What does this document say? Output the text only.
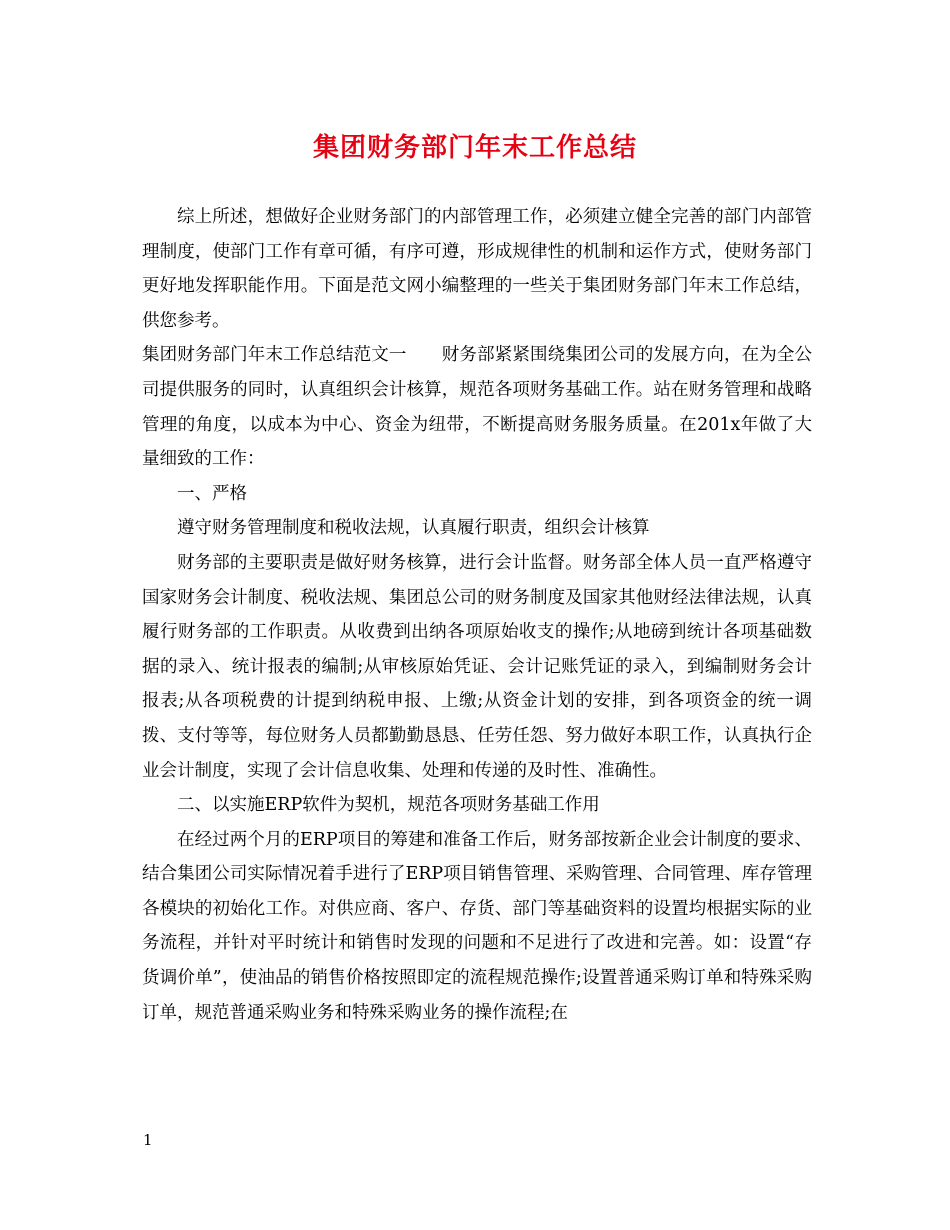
集团财务部门年末工作总结

综上所述，想做好企业财务部门的内部管理工作，必须建立健全完善的部门内部管理制度，使部门工作有章可循，有序可遵，形成规律性的机制和运作方式，使财务部门更好地发挥职能作用。下面是范文网小编整理的一些关于集团财务部门年末工作总结，供您参考。

集团财务部门年末工作总结范文一　　财务部紧紧围绕集团公司的发展方向，在为全公司提供服务的同时，认真组织会计核算，规范各项财务基础工作。站在财务管理和战略管理的角度，以成本为中心、资金为纽带，不断提高财务服务质量。在201x年做了大量细致的工作：

一、严格

遵守财务管理制度和税收法规，认真履行职责，组织会计核算

财务部的主要职责是做好财务核算，进行会计监督。财务部全体人员一直严格遵守国家财务会计制度、税收法规、集团总公司的财务制度及国家其他财经法律法规，认真履行财务部的工作职责。从收费到出纳各项原始收支的操作;从地磅到统计各项基础数据的录入、统计报表的编制;从审核原始凭证、会计记账凭证的录入，到编制财务会计报表;从各项税费的计提到纳税申报、上缴;从资金计划的安排，到各项资金的统一调拨、支付等等，每位财务人员都勤勤恳恳、任劳任怨、努力做好本职工作，认真执行企业会计制度，实现了会计信息收集、处理和传递的及时性、准确性。

二、以实施ERP软件为契机，规范各项财务基础工作用

在经过两个月的ERP项目的筹建和准备工作后，财务部按新企业会计制度的要求、结合集团公司实际情况着手进行了ERP项目销售管理、采购管理、合同管理、库存管理各模块的初始化工作。对供应商、客户、存货、部门等基础资料的设置均根据实际的业务流程，并针对平时统计和销售时发现的问题和不足进行了改进和完善。如：设置“存货调价单”，使油品的销售价格按照即定的流程规范操作;设置普通采购订单和特殊采购订单，规范普通采购业务和特殊采购业务的操作流程;在

1
